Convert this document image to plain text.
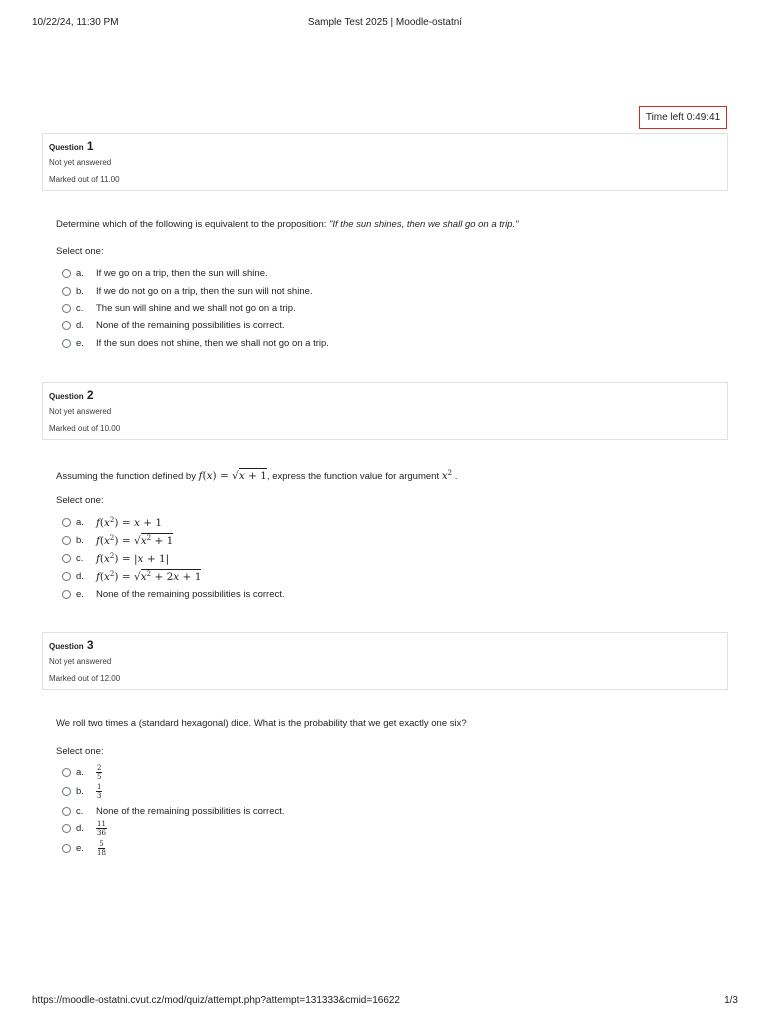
10/22/24, 11:30 PM	Sample Test 2025 | Moodle-ostatní
Time left 0:49:41
Question 1
Not yet answered
Marked out of 11.00
Determine which of the following is equivalent to the proposition: "If the sun shines, then we shall go on a trip."
Select one:
a.	If we go on a trip, then the sun will shine.
b.	If we do not go on a trip, then the sun will not shine.
c.	The sun will shine and we shall not go on a trip.
d.	None of the remaining possibilities is correct.
e.	If the sun does not shine, then we shall not go on a trip.
Question 2
Not yet answered
Marked out of 10.00
Assuming the function defined by f(x) = √x + 1, express the function value for argument $x^2$ .
Select one:
a.	$f(x^2) = x + 1$
b.	$f(x^2) = √x^2 + 1$
c.	$f(x^2) = |x + 1|$
d.	$f(x^2) = √x^2 + 2x + 1$
e.	None of the remaining possibilities is correct.
Question 3
Not yet answered
Marked out of 12.00
We roll two times a (standard hexagonal) dice. What is the probability that we get exactly one six?
Select one:
a.	$\frac{2}{5}$
b.	$\frac{1}{3}$
c.	None of the remaining possibilities is correct.
d.	$\frac{11}{36}$
e.	$\frac{5}{18}$
https://moodle-ostatni.cvut.cz/mod/quiz/attempt.php?attempt=131333&cmid=16622	1/3
